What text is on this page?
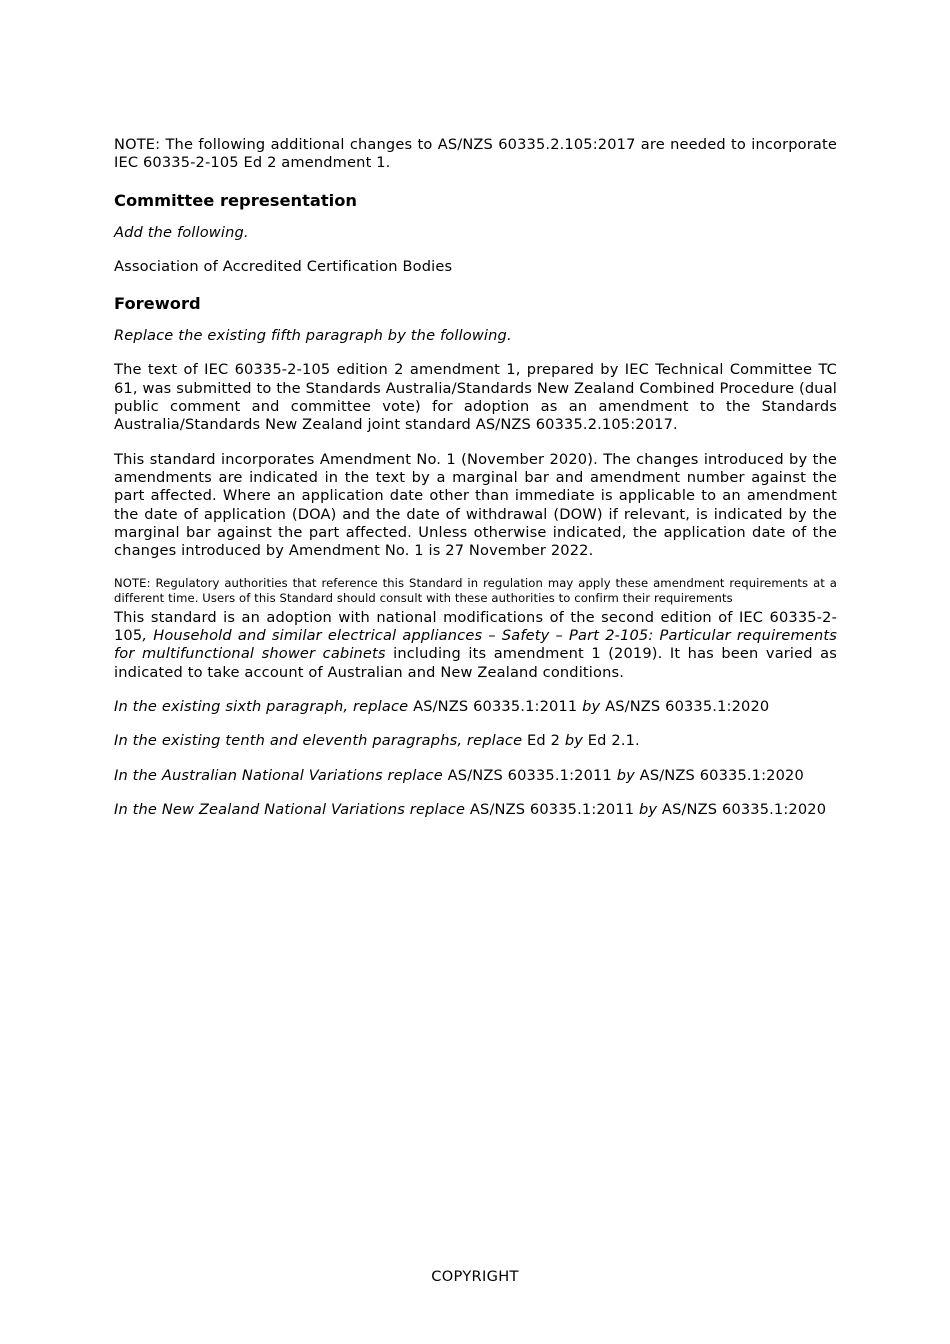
NOTE: The following additional changes to AS/NZS 60335.2.105:2017 are needed to incorporate IEC 60335-2-105 Ed 2 amendment 1.

Committee representation

Add the following.

Association of Accredited Certification Bodies

Foreword

Replace the existing fifth paragraph by the following.

The text of IEC 60335-2-105 edition 2 amendment 1, prepared by IEC Technical Committee TC 61, was submitted to the Standards Australia/Standards New Zealand Combined Procedure (dual public comment and committee vote) for adoption as an amendment to the Standards Australia/Standards New Zealand joint standard AS/NZS 60335.2.105:2017.

This standard incorporates Amendment No. 1 (November 2020). The changes introduced by the amendments are indicated in the text by a marginal bar and amendment number against the part affected. Where an application date other than immediate is applicable to an amendment the date of application (DOA) and the date of withdrawal (DOW) if relevant, is indicated by the marginal bar against the part affected. Unless otherwise indicated, the application date of the changes introduced by Amendment No. 1 is 27 November 2022.

NOTE: Regulatory authorities that reference this Standard in regulation may apply these amendment requirements at a different time. Users of this Standard should consult with these authorities to confirm their requirements

This standard is an adoption with national modifications of the second edition of IEC 60335-2-105, Household and similar electrical appliances – Safety – Part 2-105: Particular requirements for multifunctional shower cabinets including its amendment 1 (2019). It has been varied as indicated to take account of Australian and New Zealand conditions.

In the existing sixth paragraph, replace AS/NZS 60335.1:2011 by AS/NZS 60335.1:2020

In the existing tenth and eleventh paragraphs, replace Ed 2 by Ed 2.1.

In the Australian National Variations replace AS/NZS 60335.1:2011 by AS/NZS 60335.1:2020

In the New Zealand National Variations replace AS/NZS 60335.1:2011 by AS/NZS 60335.1:2020

COPYRIGHT
